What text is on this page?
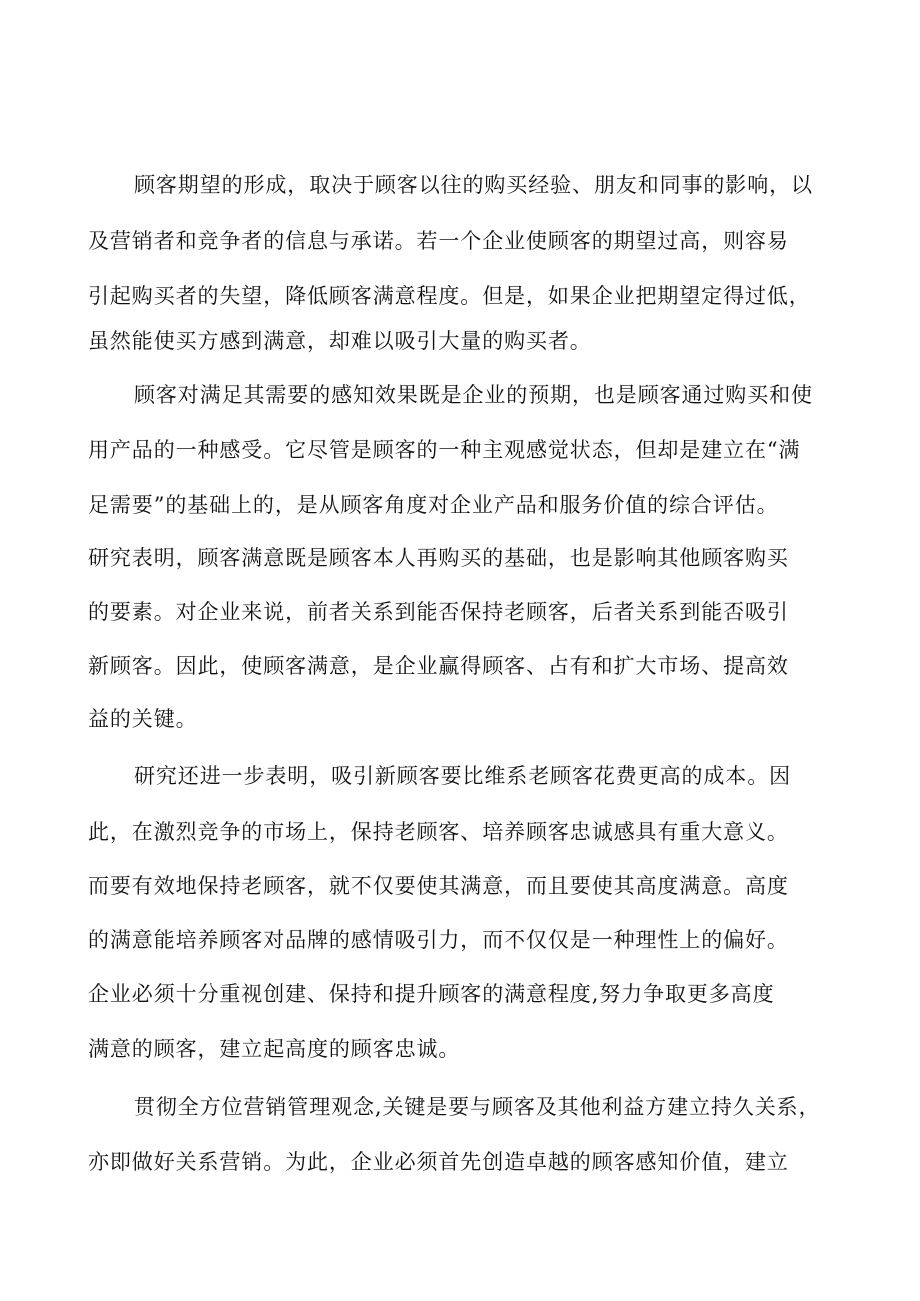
顾客期望的形成，取决于顾客以往的购买经验、朋友和同事的影响，以
及营销者和竞争者的信息与承诺。若一个企业使顾客的期望过高，则容易
引起购买者的失望，降低顾客满意程度。但是，如果企业把期望定得过低，
虽然能使买方感到满意，却难以吸引大量的购买者。
顾客对满足其需要的感知效果既是企业的预期，也是顾客通过购买和使
用产品的一种感受。它尽管是顾客的一种主观感觉状态，但却是建立在“满
足需要”的基础上的，是从顾客角度对企业产品和服务价值的综合评估。
研究表明，顾客满意既是顾客本人再购买的基础，也是影响其他顾客购买
的要素。对企业来说，前者关系到能否保持老顾客，后者关系到能否吸引
新顾客。因此，使顾客满意，是企业赢得顾客、占有和扩大市场、提高效
益的关键。
研究还进一步表明，吸引新顾客要比维系老顾客花费更高的成本。因
此，在激烈竞争的市场上，保持老顾客、培养顾客忠诚感具有重大意义。
而要有效地保持老顾客，就不仅要使其满意，而且要使其高度满意。高度
的满意能培养顾客对品牌的感情吸引力，而不仅仅是一种理性上的偏好。
企业必须十分重视创建、保持和提升顾客的满意程度,努力争取更多高度
满意的顾客，建立起高度的顾客忠诚。
贯彻全方位营销管理观念,关键是要与顾客及其他利益方建立持久关系，
亦即做好关系营销。为此，企业必须首先创造卓越的顾客感知价值，建立
